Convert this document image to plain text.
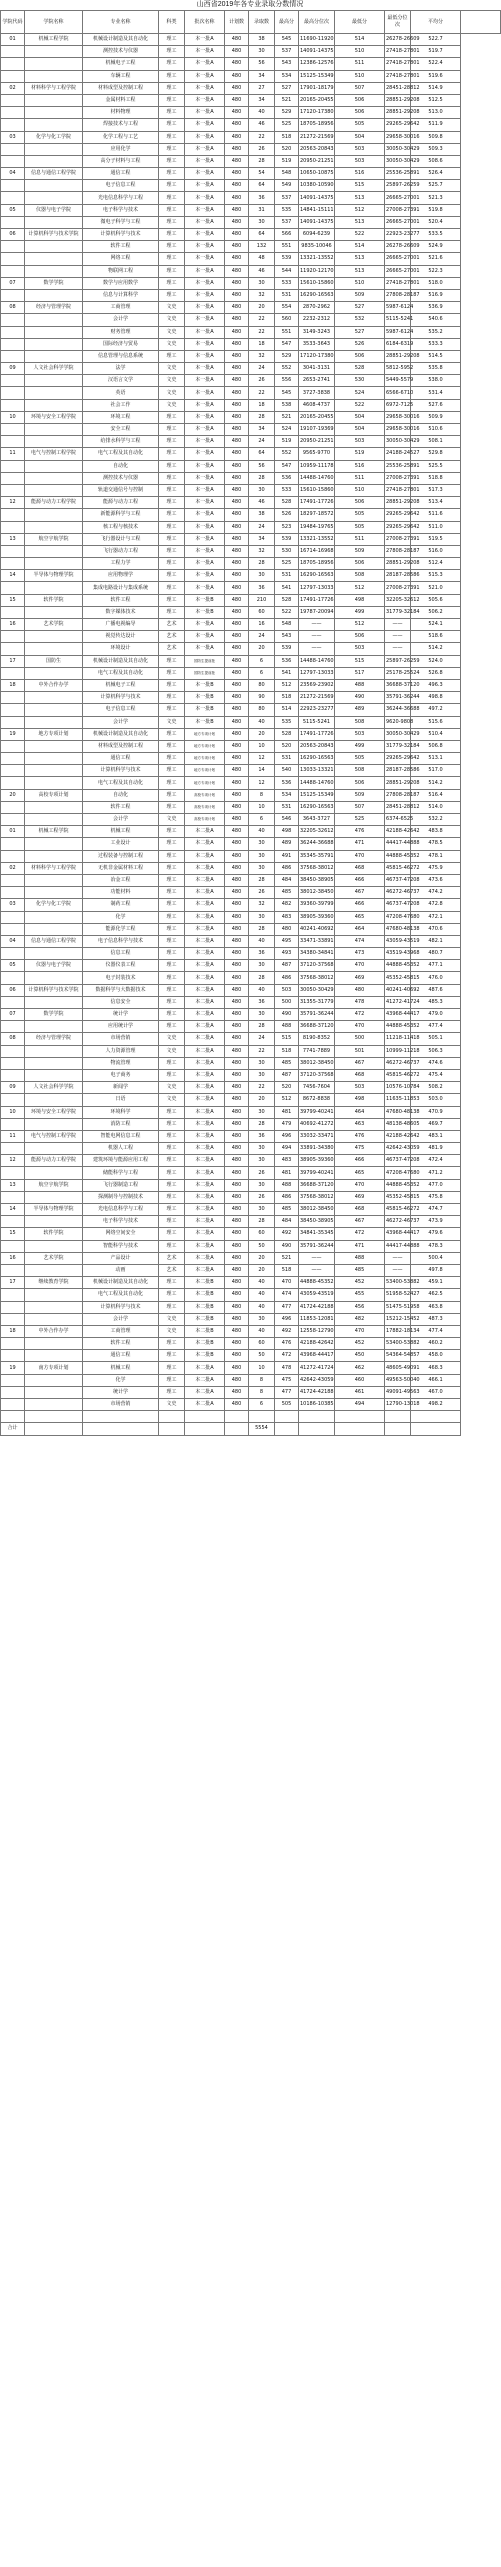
山西省2019年各专业录取分数情况
学院代码	学院名称	专业名称	科类	批次名称	计划数	录取数	最高分	最高分位次	最低分	最低分位次	平均分	
01	机械工程学院	机械设计制造及其自动化	理工	本一批A	480	38	545	11690-11920	514	26278-26609	522.7	
		测控技术与仪器	理工	本一批A	480	30	537	14091-14375	510	27418-27801	519.7	
		机械电子工程	理工	本一批A	480	56	543	12386-12576	511	27418-27801	522.4	
		车辆工程	理工	本一批A	480	34	534	15125-15349	510	27418-27801	519.6	
02	材料科学与工程学院	材料成型及控制工程	理工	本一批A	480	27	527	17901-18179	507	28451-28812	514.9	
		金属材料工程	理工	本一批A	480	34	521	20165-20455	506	28851-29208	512.5	
		材料物理	理工	本一批A	480	40	529	17120-17380	506	28851-29208	513.0	
		焊接技术与工程	理工	本一批A	480	46	525	18705-18956	505	29265-29642	511.9	
03	化学与化工学院	化学工程与工艺	理工	本一批A	480	22	518	21272-21569	504	29658-30016	509.8	
		应用化学	理工	本一批A	480	26	520	20563-20843	503	30050-30429	509.3	
		高分子材料与工程	理工	本一批A	480	28	519	20950-21251	503	30050-30429	508.6	
04	信息与通信工程学院	通信工程	理工	本一批A	480	54	548	10650-10875	516	25536-25891	526.4	
		电子信息工程	理工	本一批A	480	64	549	10380-10590	515	25897-26259	525.7	
		光电信息科学与工程	理工	本一批A	480	36	537	14091-14375	513	26665-27001	521.3	
05	仪器与电子学院	电子科学与技术	理工	本一批A	480	31	535	14841-15111	512	27008-27391	519.8	
		微电子科学与工程	理工	本一批A	480	30	537	14091-14375	513	26665-27001	520.4	
06	计算机科学与技术学院	计算机科学与技术	理工	本一批A	480	64	566	6094-6239	522	22923-23277	533.5	
		软件工程	理工	本一批A	480	132	551	9835-10046	514	26278-26609	524.9	
		网络工程	理工	本一批A	480	48	539	13321-13552	513	26665-27001	521.6	
		物联网工程	理工	本一批A	480	46	544	11920-12170	513	26665-27001	522.3	
07	数学学院	数学与应用数学	理工	本一批A	480	30	533	15610-15860	510	27418-27801	518.0	
		信息与计算科学	理工	本一批A	480	32	531	16290-16563	509	27808-28187	516.9	
08	经济与管理学院	工商管理	文史	本一批A	480	20	554	2870-2962	527	5987-6124	536.9	
		会计学	文史	本一批A	480	22	560	2232-2312	532	5115-5241	540.6	
		财务管理	文史	本一批A	480	22	551	3149-3243	527	5987-6124	535.2	
		国际经济与贸易	文史	本一批A	480	18	547	3533-3643	526	6184-6319	533.3	
		信息管理与信息系统	理工	本一批A	480	32	529	17120-17380	506	28851-29208	514.5	
09	人文社会科学学院	法学	文史	本一批A	480	24	552	3041-3131	528	5812-5952	535.8	
		汉语言文学	文史	本一批A	480	26	556	2653-2741	530	5449-5579	538.0	
		英语	文史	本一批A	480	22	545	3727-3838	524	6566-6710	531.4	
		社会工作	文史	本一批A	480	18	538	4608-4737	522	6972-7125	527.6	
10	环境与安全工程学院	环境工程	理工	本一批A	480	28	521	20165-20455	504	29658-30016	509.9	
		安全工程	理工	本一批A	480	34	524	19107-19369	504	29658-30016	510.6	
		给排水科学与工程	理工	本一批A	480	24	519	20950-21251	503	30050-30429	508.1	
11	电气与控制工程学院	电气工程及其自动化	理工	本一批A	480	64	552	9565-9770	519	24188-24527	529.8	
		自动化	理工	本一批A	480	56	547	10959-11178	516	25536-25891	525.5	
		测控技术与仪器	理工	本一批A	480	28	536	14488-14760	511	27008-27391	518.8	
		轨道交通信号与控制	理工	本一批A	480	30	533	15610-15860	510	27418-27801	517.3	
12	能源与动力工程学院	能源与动力工程	理工	本一批A	480	46	528	17491-17726	506	28851-29208	513.4	
		新能源科学与工程	理工	本一批A	480	38	526	18297-18572	505	29265-29642	511.6	
		核工程与核技术	理工	本一批A	480	24	523	19484-19765	505	29265-29642	511.0	
13	航空宇航学院	飞行器设计与工程	理工	本一批A	480	34	539	13321-13552	511	27008-27391	519.5	
		飞行器动力工程	理工	本一批A	480	32	530	16714-16968	509	27808-28187	516.0	
		工程力学	理工	本一批A	480	28	525	18705-18956	506	28851-29208	512.4	
14	半导体与物理学院	应用物理学	理工	本一批A	480	30	531	16290-16563	508	28187-28586	515.3	
		集成电路设计与集成系统	理工	本一批A	480	36	541	12797-13033	512	27008-27391	521.0	
15	软件学院	软件工程	理工	本一批B	480	210	528	17491-17726	498	32205-32612	505.6	
		数字媒体技术	理工	本一批B	480	60	522	19787-20094	499	31779-32184	506.2	
16	艺术学院	广播电视编导	艺术	本一批A	480	16	548	——	512	——	524.1	
		视觉传达设计	艺术	本一批A	480	24	543	——	506	——	518.6	
		环境设计	艺术	本一批A	480	20	539	——	503	——	514.2	
17	国防生	机械设计制造及其自动化	理工	国防生提前批	480	6	536	14488-14760	515	25897-26259	524.0	
		电气工程及其自动化	理工	国防生提前批	480	6	541	12797-13033	517	25178-25524	526.8	
18	中外合作办学	机械电子工程	理工	本一批B	480	80	512	23569-23902	488	36688-37120	496.3	
		计算机科学与技术	理工	本一批B	480	90	518	21272-21569	490	35791-36244	498.8	
		电子信息工程	理工	本一批B	480	80	514	22923-23277	489	36244-36688	497.2	
		会计学	文史	本一批B	480	40	535	5115-5241	508	9620-9808	515.6	
19	地方专项计划	机械设计制造及其自动化	理工	地方专项计划	480	20	528	17491-17726	503	30050-30429	510.4	
		材料成型及控制工程	理工	地方专项计划	480	10	520	20563-20843	499	31779-32184	506.8	
		通信工程	理工	地方专项计划	480	12	531	16290-16563	505	29265-29642	513.1	
		计算机科学与技术	理工	地方专项计划	480	14	540	13033-13321	508	28187-28586	517.0	
		电气工程及其自动化	理工	地方专项计划	480	12	536	14488-14760	506	28851-29208	514.2	
20	高校专项计划	自动化	理工	高校专项计划	480	8	534	15125-15349	509	27808-28187	516.4	
		软件工程	理工	高校专项计划	480	10	531	16290-16563	507	28451-28812	514.0	
		会计学	文史	高校专项计划	480	6	546	3643-3727	525	6374-6525	532.2	
01	机械工程学院	机械工程	理工	本二批A	480	40	498	32205-32612	476	42188-42642	483.8	
		工业设计	理工	本二批A	480	30	489	36244-36688	471	44417-44888	478.5	
		过程装备与控制工程	理工	本二批A	480	30	491	35345-35791	470	44888-45352	478.1	
02	材料科学与工程学院	无机非金属材料工程	理工	本二批A	480	30	486	37568-38012	468	45815-46272	475.9	
		冶金工程	理工	本二批A	480	28	484	38450-38905	466	46737-47208	473.6	
		功能材料	理工	本二批A	480	26	485	38012-38450	467	46272-46737	474.2	
03	化学与化工学院	制药工程	理工	本二批A	480	32	482	39360-39799	466	46737-47208	472.8	
		化学	理工	本二批A	480	30	483	38905-39360	465	47208-47680	472.1	
		能源化学工程	理工	本二批A	480	28	480	40241-40692	464	47680-48138	470.6	
04	信息与通信工程学院	电子信息科学与技术	理工	本二批A	480	40	495	33471-33891	474	43059-43519	482.1	
		信息工程	理工	本二批A	480	36	493	34380-34841	473	43519-43968	480.7	
05	仪器与电子学院	仪器仪表工程	理工	本二批A	480	30	487	37120-37568	470	44888-45352	477.1	
		电子封装技术	理工	本二批A	480	28	486	37568-38012	469	45352-45815	476.0	
06	计算机科学与技术学院	数据科学与大数据技术	理工	本二批A	480	40	503	30050-30429	480	40241-40692	487.6	
		信息安全	理工	本二批A	480	36	500	31355-31779	478	41272-41724	485.3	
07	数学学院	统计学	理工	本二批A	480	30	490	35791-36244	472	43968-44417	479.0	
		应用统计学	理工	本二批A	480	28	488	36688-37120	470	44888-45352	477.4	
08	经济与管理学院	市场营销	文史	本二批A	480	24	515	8190-8352	500	11218-11418	505.1	
		人力资源管理	文史	本二批A	480	22	518	7741-7889	501	10999-11218	506.3	
		物流管理	理工	本二批A	480	30	485	38012-38450	467	46272-46737	474.6	
		电子商务	理工	本二批A	480	30	487	37120-37568	468	45815-46272	475.4	
09	人文社会科学学院	新闻学	文史	本二批A	480	22	520	7456-7604	503	10576-10784	508.2	
		日语	文史	本二批A	480	20	512	8672-8838	498	11635-11853	503.0	
10	环境与安全工程学院	环境科学	理工	本二批A	480	30	481	39799-40241	464	47680-48138	470.9	
		消防工程	理工	本二批A	480	28	479	40692-41272	463	48138-48605	469.7	
11	电气与控制工程学院	智能电网信息工程	理工	本二批A	480	36	496	33032-33471	476	42188-42642	483.1	
		机器人工程	理工	本二批A	480	30	494	33891-34380	475	42642-43059	481.9	
12	能源与动力工程学院	建筑环境与能源应用工程	理工	本二批A	480	30	483	38905-39360	466	46737-47208	472.4	
		储能科学与工程	理工	本二批A	480	26	481	39799-40241	465	47208-47680	471.2	
13	航空宇航学院	飞行器制造工程	理工	本二批A	480	30	488	36688-37120	470	44888-45352	477.0	
		探测制导与控制技术	理工	本二批A	480	26	486	37568-38012	469	45352-45815	475.8	
14	半导体与物理学院	光电信息科学与工程	理工	本二批A	480	30	485	38012-38450	468	45815-46272	474.7	
		电子科学与技术	理工	本二批A	480	28	484	38450-38905	467	46272-46737	473.9	
15	软件学院	网络空间安全	理工	本二批A	480	60	492	34841-35345	472	43968-44417	479.6	
		智能科学与技术	理工	本二批A	480	50	490	35791-36244	471	44417-44888	478.3	
16	艺术学院	产品设计	艺术	本二批A	480	20	521	——	488	——	500.4	
		动画	艺术	本二批A	480	20	518	——	485	——	497.8	
17	继续教育学院	机械设计制造及其自动化	理工	本二批B	480	40	470	44888-45352	452	53400-53882	459.1	
		电气工程及其自动化	理工	本二批B	480	40	474	43059-43519	455	51958-52427	462.5	
		计算机科学与技术	理工	本二批B	480	40	477	41724-42188	456	51475-51958	463.8	
		会计学	文史	本二批B	480	30	496	11853-12081	482	15212-15452	487.3	
18	中外合作办学	工商管理	文史	本二批B	480	40	492	12558-12790	470	17882-18134	477.4	
		软件工程	理工	本二批B	480	60	476	42188-42642	452	53400-53882	460.2	
		通信工程	理工	本二批B	480	50	472	43968-44417	450	54364-54857	458.0	
19	南方专项计划	机械工程	理工	本二批A	480	10	478	41272-41724	462	48605-49091	468.3	
		化学	理工	本二批A	480	8	475	42642-43059	460	49563-50040	466.1	
		统计学	理工	本二批A	480	8	477	41724-42188	461	49091-49563	467.0	
		市场营销	文史	本二批A	480	6	505	10186-10385	494	12790-13018	498.2	

合计						5554						
